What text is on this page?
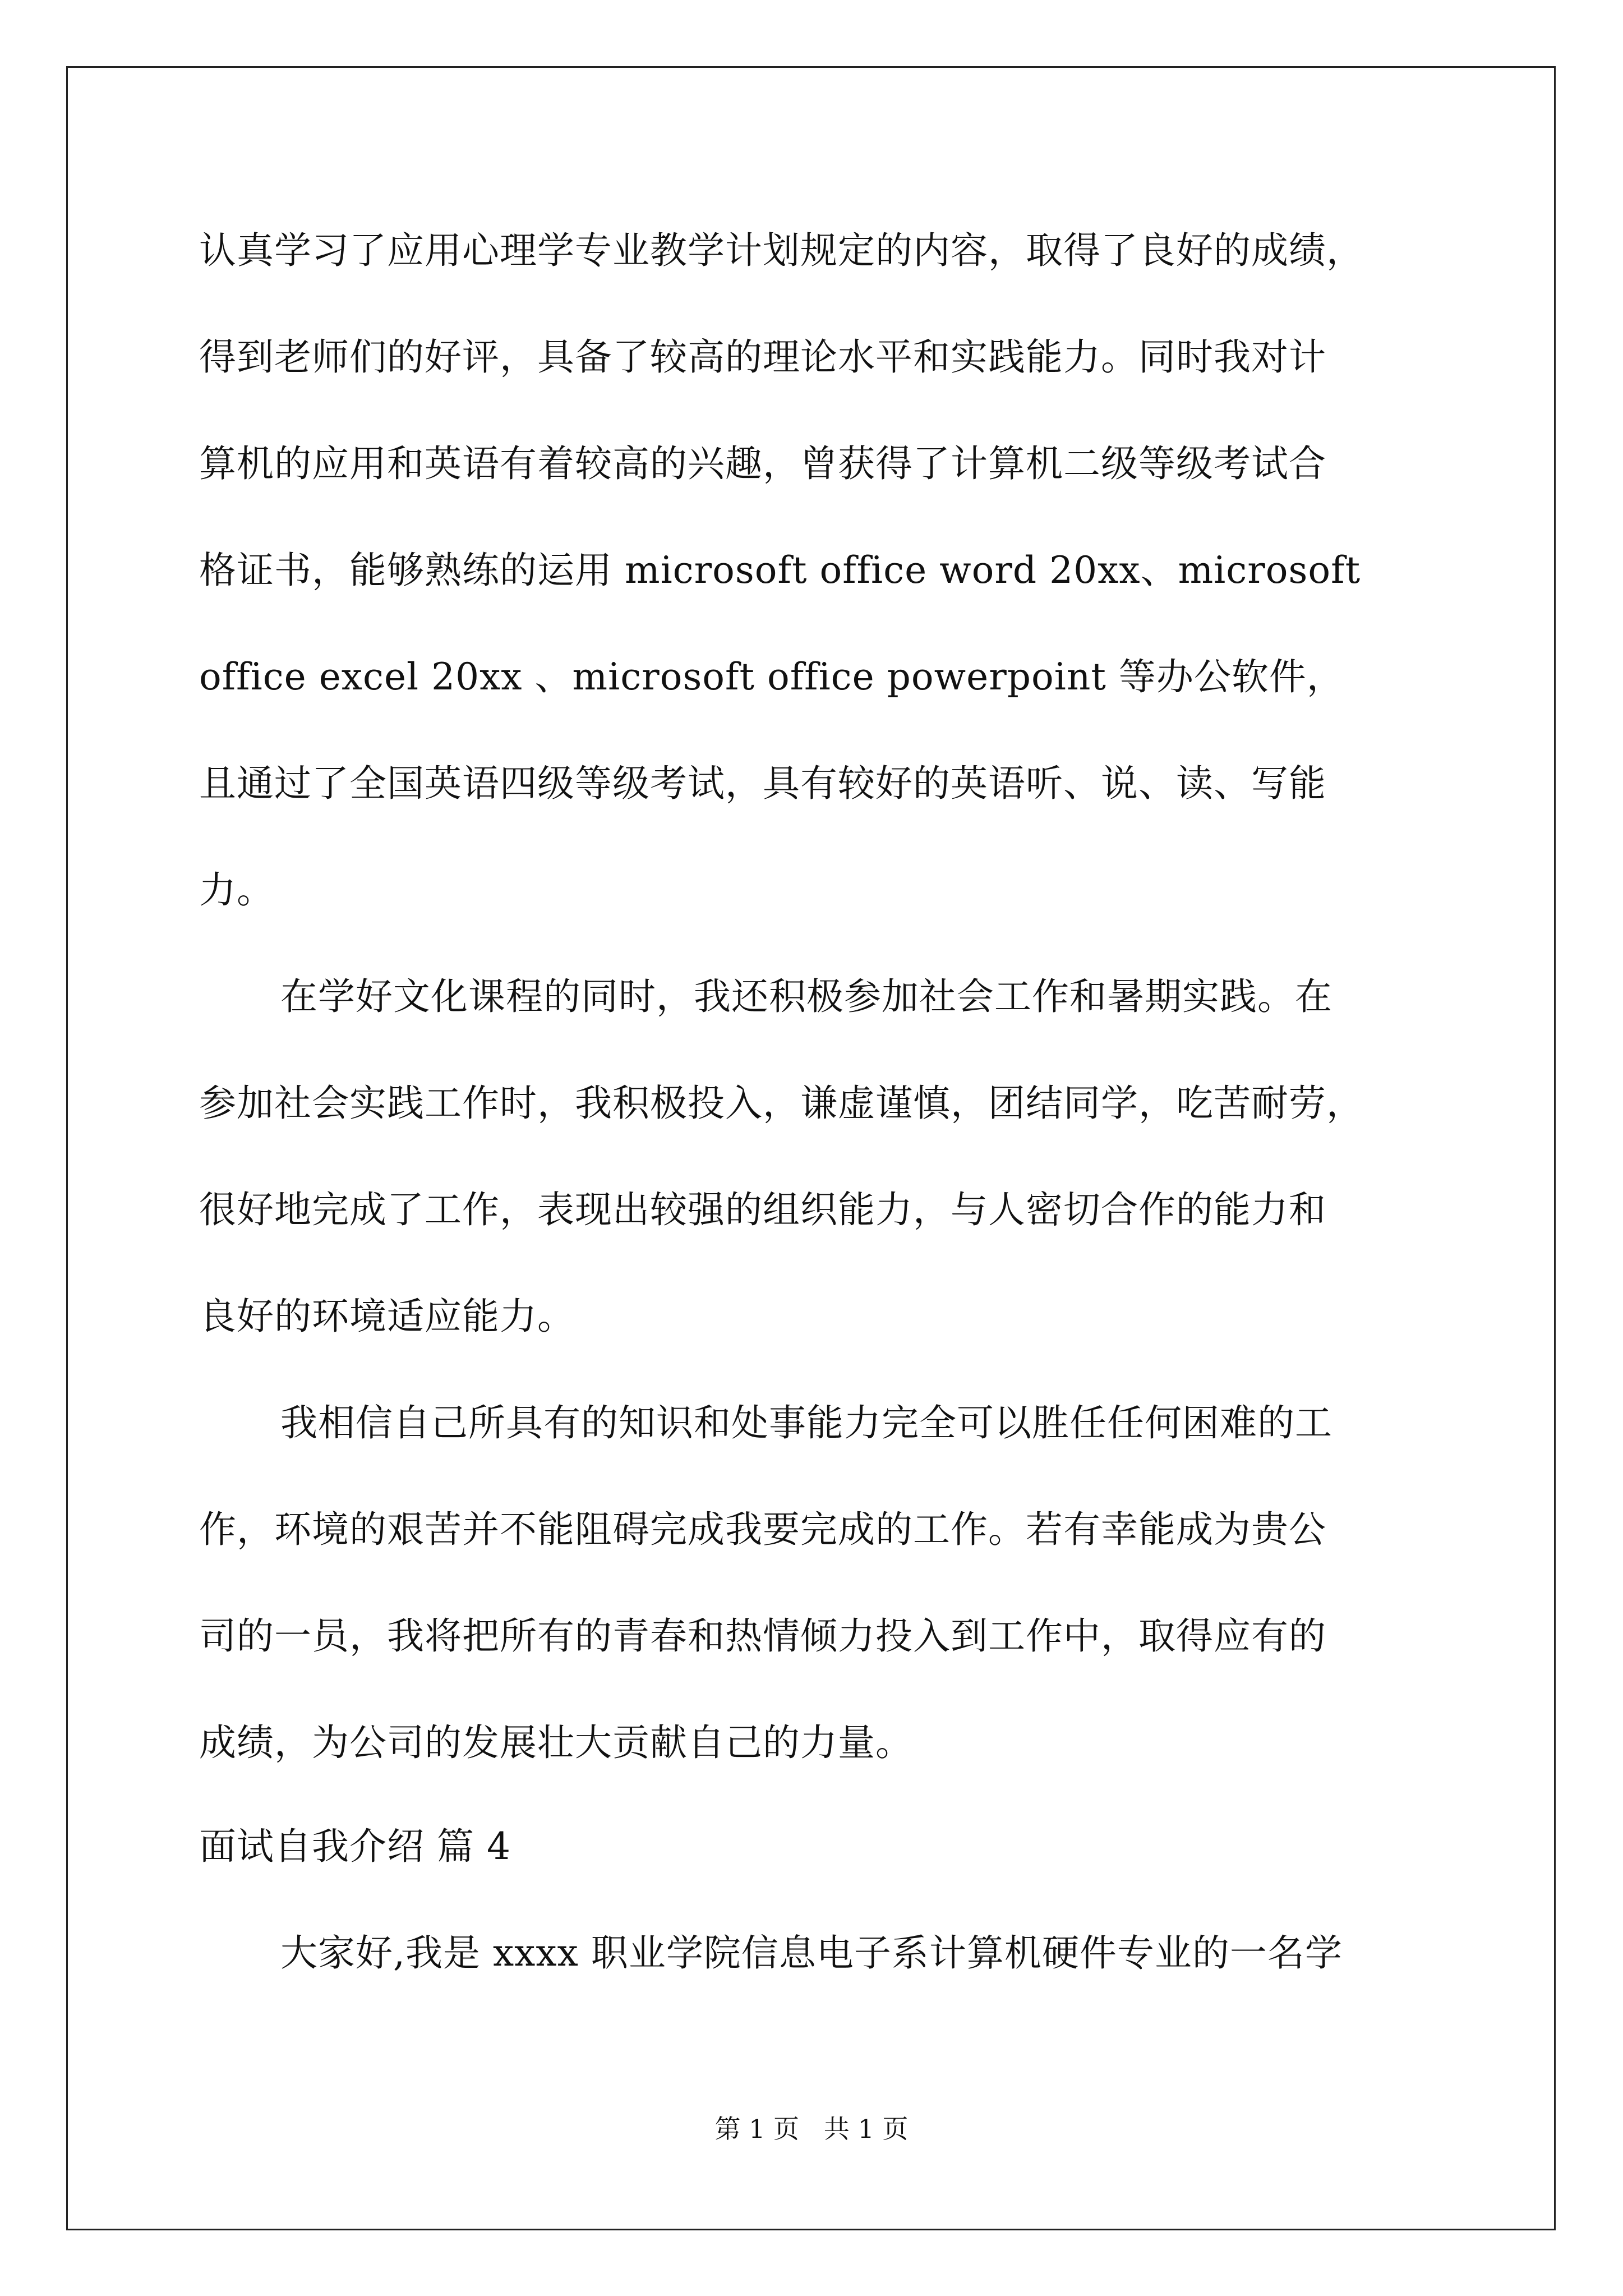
认真学习了应用心理学专业教学计划规定的内容，取得了良好的成绩，
得到老师们的好评，具备了较高的理论水平和实践能力。同时我对计
算机的应用和英语有着较高的兴趣，曾获得了计算机二级等级考试合
格证书，能够熟练的运用 microsoft office word 20xx、microsoft
office excel 20xx 、microsoft office powerpoint 等办公软件，
且通过了全国英语四级等级考试，具有较好的英语听、说、读、写能
力。
在学好文化课程的同时，我还积极参加社会工作和暑期实践。在
参加社会实践工作时，我积极投入，谦虚谨慎，团结同学，吃苦耐劳，
很好地完成了工作，表现出较强的组织能力，与人密切合作的能力和
良好的环境适应能力。
我相信自己所具有的知识和处事能力完全可以胜任任何困难的工
作，环境的艰苦并不能阻碍完成我要完成的工作。若有幸能成为贵公
司的一员，我将把所有的青春和热情倾力投入到工作中，取得应有的
成绩，为公司的发展壮大贡献自己的力量。
面试自我介绍 篇 4
大家好,我是 xxxx 职业学院信息电子系计算机硬件专业的一名学
第 1 页   共 1 页
